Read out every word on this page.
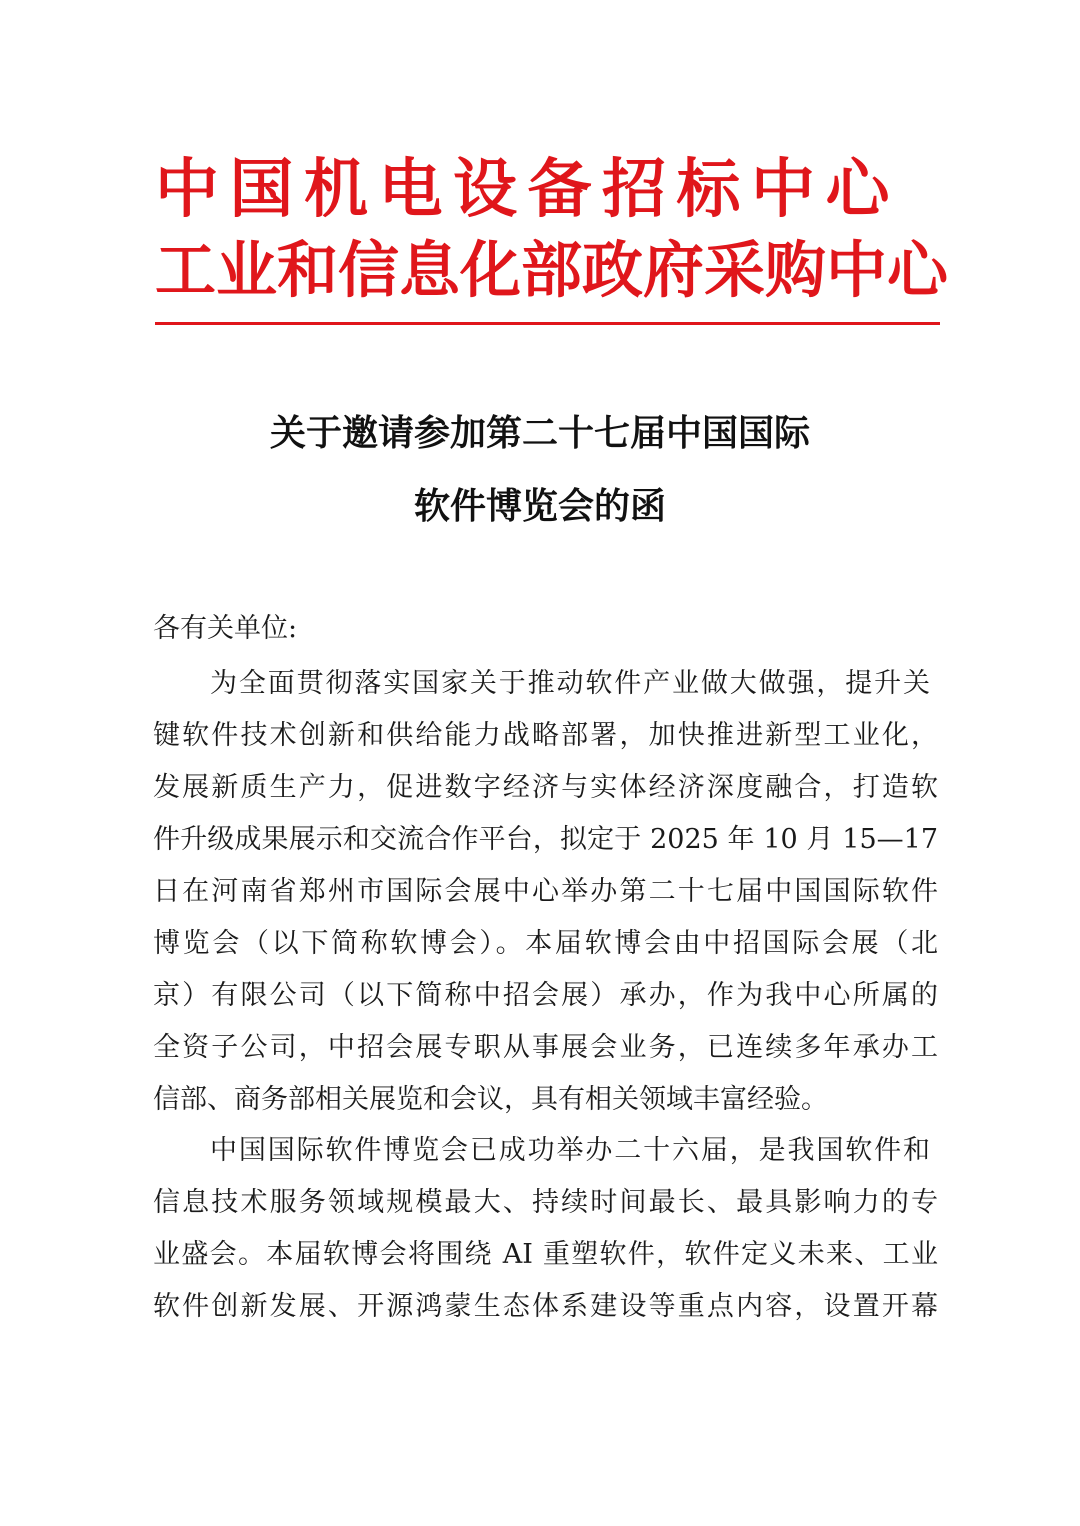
中国机电设备招标中心
工业和信息化部政府采购中心
关于邀请参加第二十七届中国国际
软件博览会的函
各有关单位:
为全面贯彻落实国家关于推动软件产业做大做强，提升关
键软件技术创新和供给能力战略部署，加快推进新型工业化，
发展新质生产力，促进数字经济与实体经济深度融合，打造软
件升级成果展示和交流合作平台，拟定于 2025 年 10 月 15—17
日在河南省郑州市国际会展中心举办第二十七届中国国际软件
博览会（以下简称软博会）。本届软博会由中招国际会展（北
京）有限公司（以下简称中招会展）承办，作为我中心所属的
全资子公司，中招会展专职从事展会业务，已连续多年承办工
信部、商务部相关展览和会议，具有相关领域丰富经验。
中国国际软件博览会已成功举办二十六届，是我国软件和
信息技术服务领域规模最大、持续时间最长、最具影响力的专
业盛会。本届软博会将围绕 AI 重塑软件，软件定义未来、工业
软件创新发展、开源鸿蒙生态体系建设等重点内容，设置开幕
